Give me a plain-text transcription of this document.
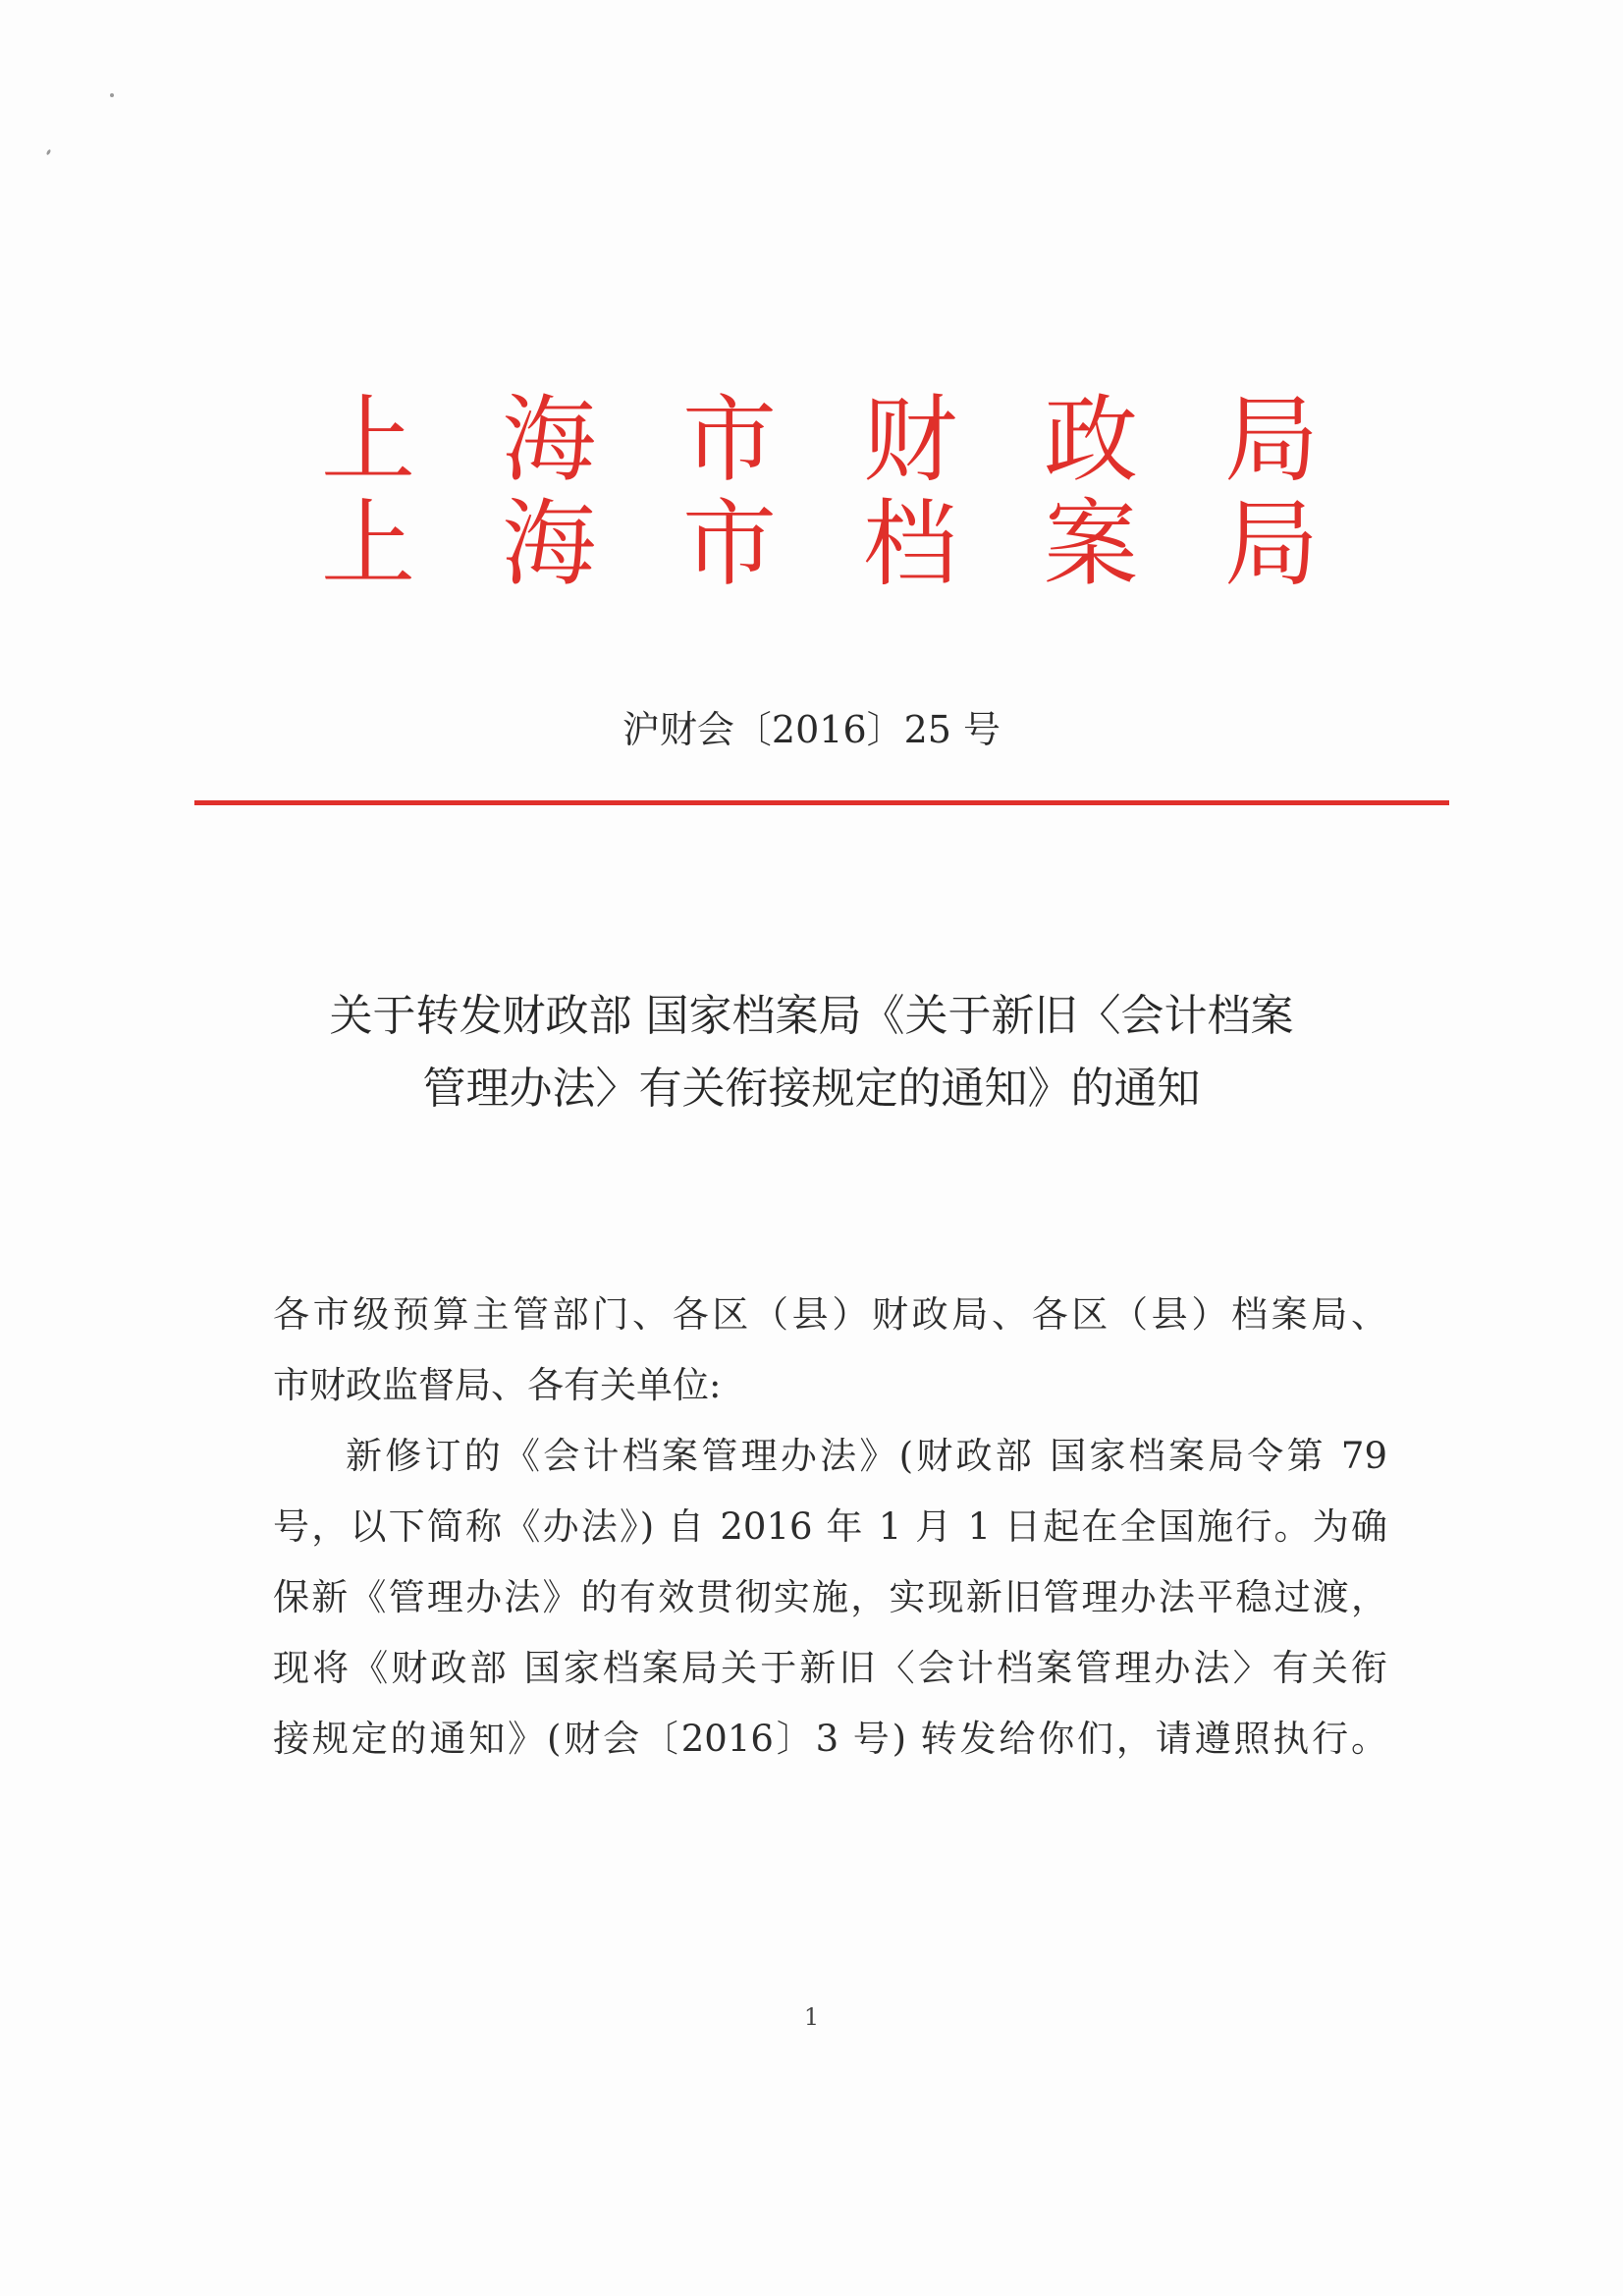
上 海 市 财 政 局
上 海 市 档 案 局
沪财会〔2016〕25 号
关于转发财政部 国家档案局《关于新旧〈会计档案
管理办法〉有关衔接规定的通知》的通知
各市级预算主管部门、各区（县）财政局、各区（县）档案局、
市财政监督局、各有关单位:
新修订的《会计档案管理办法》(财政部 国家档案局令第 79
号，以下简称《办法》) 自 2016 年 1 月 1 日起在全国施行。为确
保新《管理办法》的有效贯彻实施，实现新旧管理办法平稳过渡，
现将《财政部 国家档案局关于新旧〈会计档案管理办法〉有关衔
接规定的通知》(财会〔2016〕3 号) 转发给你们，请遵照执行。
1
